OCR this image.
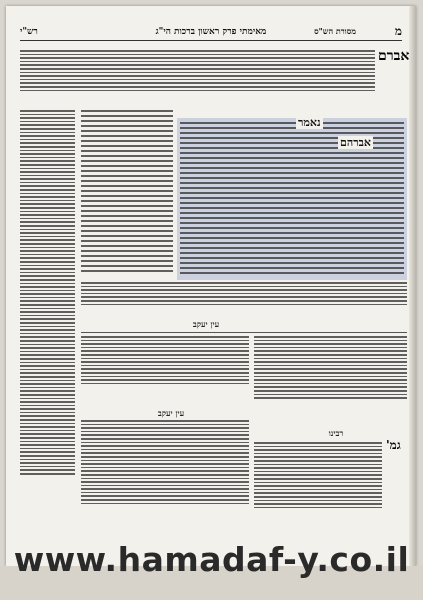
מ
מסורת הש"ס
מאימתי פרק ראשון ברכות הי"ג
רש"י
אברם
נאמר
אברהם
עין יעקב
עין יעקב
רבינו
גמ'
www.hamadaf-y.co.il
